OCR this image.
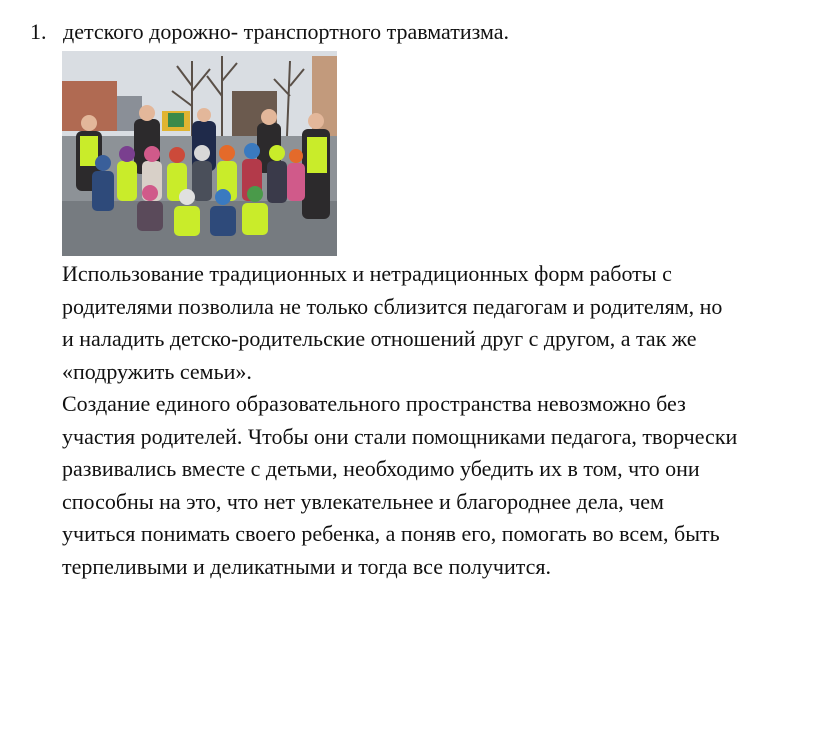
1. детского дорожно- транспортного травматизма.
Использование традиционных и нетрадиционных форм работы с
родителями позволила не только сблизится педагогам и родителям, но
и наладить детско-родительские отношений друг с другом, а так же
«подружить семьи».
Создание единого образовательного пространства невозможно без
участия родителей. Чтобы они стали помощниками педагога, творчески
развивались вместе с детьми, необходимо убедить их в том, что они
способны на это, что нет увлекательнее и благороднее дела, чем
учиться понимать своего ребенка, а поняв его, помогать во всем, быть
терпеливыми и деликатными и тогда все получится.
